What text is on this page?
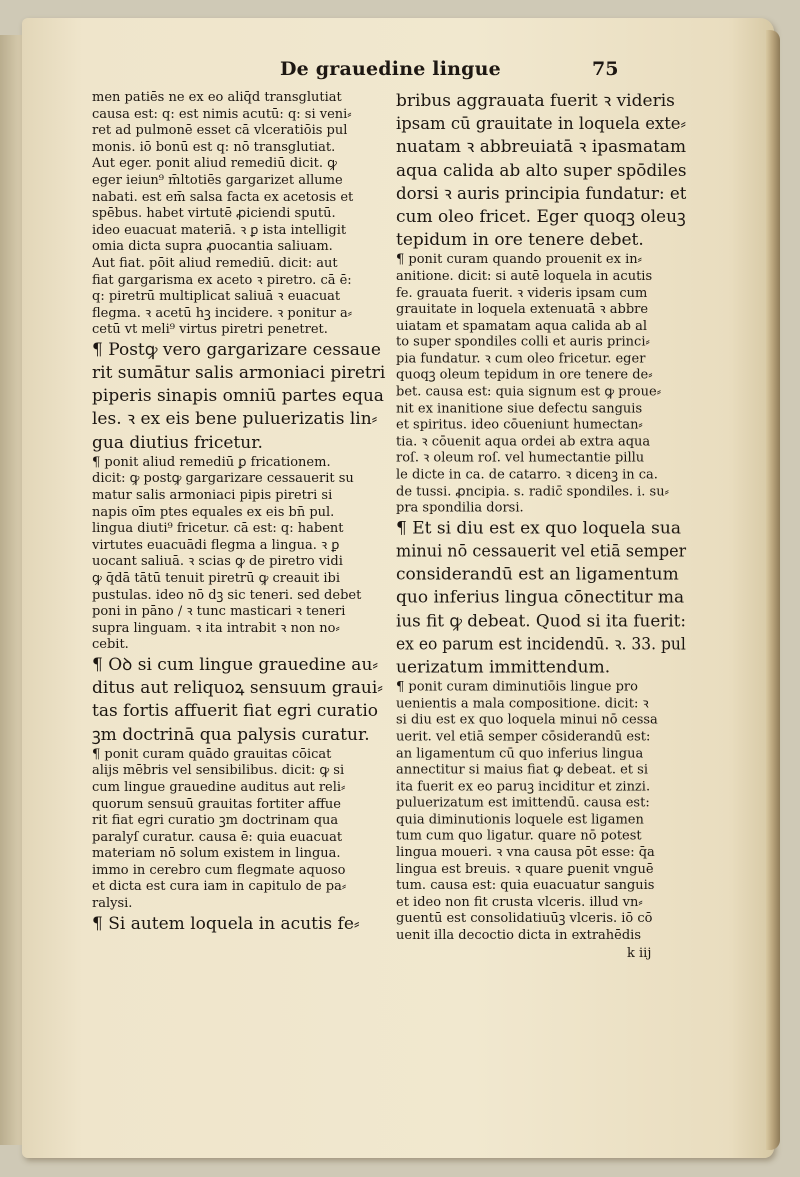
De grauedine lingue	75
men patiēs ne ex eo aliq̄d transglutiat
causa est: q: est nimis acutū: q: si veni⸗
ret ad pulmonē esset cā vlceratiōis pul
monis. iō bonū est q: nō transglutiat.
Aut eger. ponit aliud remediū dicit. ꝙ
eger ieiun⁹ m̄ltotiēs gargarizet allume
nabati. est em̄ salsa facta ex acetosis et
spēbus. habet virtutē ꝓiciendi sputū.
ideo euacuat materiā. ꝛ ꝑ ista intelligit
omia dicta supra ꝓuocantia saliuam.
Aut fiat. pōit aliud remediū. dicit: aut
fiat gargarisma ex aceto ꝛ piretro. cā ē:
q: piretrū multiplicat saliuā ꝛ euacuat
flegma. ꝛ acetū hꝫ incidere. ꝛ ponitur a⸗
cetū vt meli⁹ virtus piretri penetret.
¶ Postꝙ vero gargarizare cessaue
rit sumātur salis armoniaci piretri
piperis sinapis omniū partes equa
les. ꝛ ex eis bene puluerizatis lin⸗
gua diutius fricetur.
¶ ponit aliud remediū ꝑ fricationem.
dicit: ꝙ postꝙ gargarizare cessauerit su
matur salis armoniaci pipis piretri si
napis oīm ptes equales ex eis bn̄ pul.
lingua diuti⁹ fricetur. cā est: q: habent
virtutes euacuādi flegma a lingua. ꝛ ꝑ
uocant saliuā. ꝛ scias ꝙ de piretro vidi
ꝙ q̄dā tātū tenuit piretrū ꝙ creauit ibi
pustulas. ideo nō dꝫ sic teneri. sed debet
poni in pāno / ꝛ tunc masticari ꝛ teneri
supra linguam. ꝛ ita intrabit ꝛ non no⸗
cebit.
¶ Oꝺ si cum lingue grauedine au⸗
ditus aut reliquoꝝ sensuum graui⸗
tas fortis affuerit fiat egri curatio
ꝫm doctrinā qua palysis curatur.
¶ ponit curam quādo grauitas cōicat
alijs mēbris vel sensibilibus. dicit: ꝙ si
cum lingue grauedine auditus aut reli⸗
quorum sensuū grauitas fortiter affue
rit fiat egri curatio ꝫm doctrinam qua
paralyſ curatur. causa ē: quia euacuat
materiam nō solum existem in lingua.
immo in cerebro cum flegmate aquoso
et dicta est cura iam in capitulo de pa⸗
ralysi.
¶ Si autem loquela in acutis fe⸗
bribus aggrauata fuerit ꝛ videris
ipsam cū grauitate in loquela exte⸗
nuatam ꝛ abbreuiatā ꝛ ipasmatam
aqua calida ab alto super spōdiles
dorsi ꝛ auris principia fundatur: et
cum oleo fricet. Eger quoqꝫ oleuꝫ
tepidum in ore tenere debet.
¶ ponit curam quando prouenit ex in⸗
anitione. dicit: si autē loquela in acutis
fe. grauata fuerit. ꝛ videris ipsam cum
grauitate in loquela extenuatā ꝛ abbre
uiatam et spamatam aqua calida ab al
to super spondiles colli et auris princi⸗
pia fundatur. ꝛ cum oleo fricetur. eger
quoqꝫ oleum tepidum in ore tenere de⸗
bet. causa est: quia signum est ꝙ proue⸗
nit ex inanitione siue defectu sanguis
et spiritus. ideo cōueniunt humectan⸗
tia. ꝛ cōuenit aqua ordei ab extra aqua
roſ. ꝛ oleum roſ. vel humectantie pillu
le dicte in ca. de catarro. ꝛ dicenꝫ in ca.
de tussi. ꝓncipia. s. radic̄ spondiles. i. su⸗
pra spondilia dorsi.
¶ Et si diu est ex quo loquela sua
minui nō cessauerit vel etiā semper
considerandū est an ligamentum
quo inferius lingua cōnectitur ma
ius fit ꝙ debeat. Quod si ita fuerit:
ex eo parum est incidendū. ꝛ. 33. pul
uerizatum immittendum.
¶ ponit curam diminutiōis lingue pro
uenientis a mala compositione. dicit: ꝛ
si diu est ex quo loquela minui nō cessa
uerit. vel etiā semper cōsiderandū est:
an ligamentum cū quo inferius lingua
annectitur si maius fiat ꝙ debeat. et si
ita fuerit ex eo paruꝫ inciditur et zinzi.
puluerizatum est imittendū. causa est:
quia diminutionis loquele est ligamen
tum cum quo ligatur. quare nō potest
lingua moueri. ꝛ vna causa pōt esse: q̄a
lingua est breuis. ꝛ quare ꝑuenit vnguē
tum. causa est: quia euacuatur sanguis
et ideo non fit crusta vlceris. illud vn⸗
guentū est consolidatiuūꝫ vlceris. iō cō
uenit illa decoctio dicta in extrahēdis
k iij
